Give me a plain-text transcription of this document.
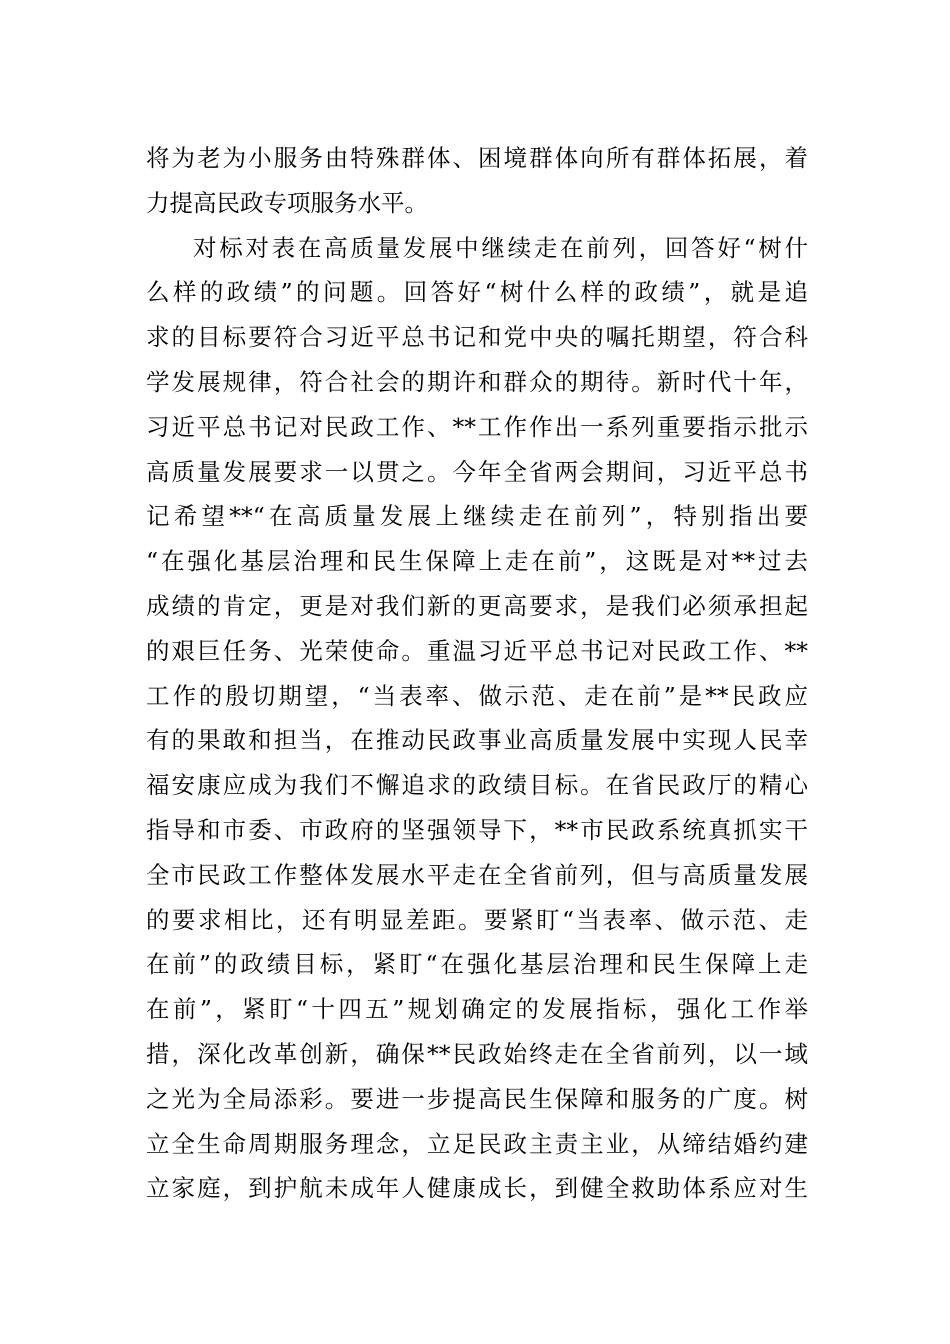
将为老为小服务由特殊群体、困境群体向所有群体拓展，着
力提高民政专项服务水平。
对标对表在高质量发展中继续走在前列，回答好“树什
么样的政绩”的问题。回答好“树什么样的政绩”，就是追
求的目标要符合习近平总书记和党中央的嘱托期望，符合科
学发展规律，符合社会的期许和群众的期待。新时代十年，
习近平总书记对民政工作、**工作作出一系列重要指示批示
高质量发展要求一以贯之。今年全省两会期间，习近平总书
记希望**“在高质量发展上继续走在前列”，特别指出要
“在强化基层治理和民生保障上走在前”，这既是对**过去
成绩的肯定，更是对我们新的更高要求，是我们必须承担起
的艰巨任务、光荣使命。重温习近平总书记对民政工作、**
工作的殷切期望，“当表率、做示范、走在前”是**民政应
有的果敢和担当，在推动民政事业高质量发展中实现人民幸
福安康应成为我们不懈追求的政绩目标。在省民政厅的精心
指导和市委、市政府的坚强领导下，**市民政系统真抓实干
全市民政工作整体发展水平走在全省前列，但与高质量发展
的要求相比，还有明显差距。要紧盯“当表率、做示范、走
在前”的政绩目标，紧盯“在强化基层治理和民生保障上走
在前”，紧盯“十四五”规划确定的发展指标，强化工作举
措，深化改革创新，确保**民政始终走在全省前列，以一域
之光为全局添彩。要进一步提高民生保障和服务的广度。树
立全生命周期服务理念，立足民政主责主业，从缔结婚约建
立家庭，到护航未成年人健康成长，到健全救助体系应对生
